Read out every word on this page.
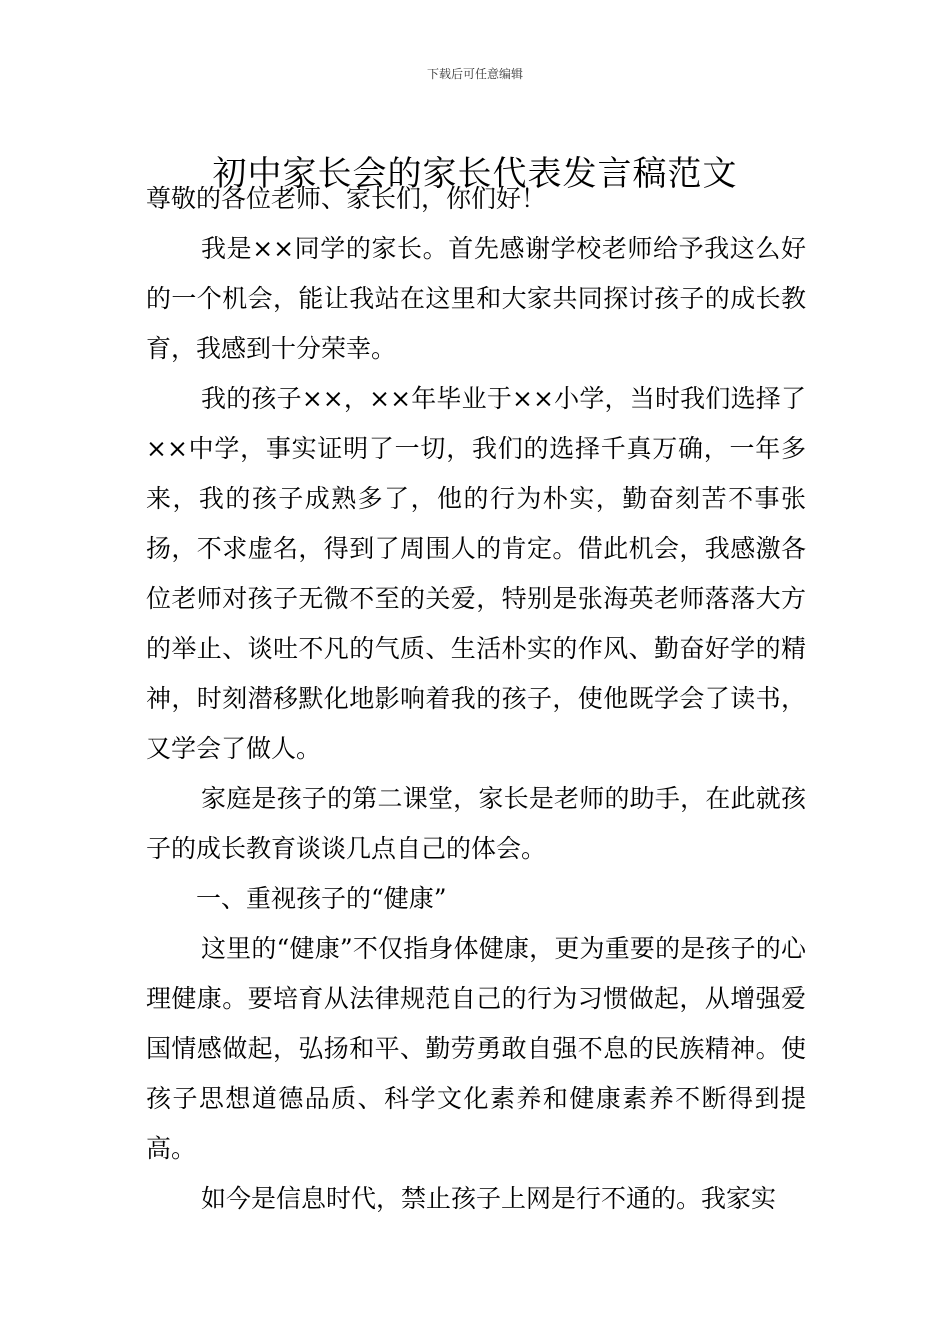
下载后可任意编辑
初中家长会的家长代表发言稿范文

尊敬的各位老师、家长们，你们好！

我是××同学的家长。首先感谢学校老师给予我这么好的一个机会，能让我站在这里和大家共同探讨孩子的成长教育，我感到十分荣幸。

我的孩子××，××年毕业于××小学，当时我们选择了××中学，事实证明了一切，我们的选择千真万确，一年多来，我的孩子成熟多了，他的行为朴实，勤奋刻苦不事张扬，不求虚名，得到了周围人的肯定。借此机会，我感激各位老师对孩子无微不至的关爱，特别是张海英老师落落大方的举止、谈吐不凡的气质、生活朴实的作风、勤奋好学的精神，时刻潜移默化地影响着我的孩子，使他既学会了读书，又学会了做人。

家庭是孩子的第二课堂，家长是老师的助手，在此就孩子的成长教育谈谈几点自己的体会。

一、重视孩子的“健康”

这里的“健康”不仅指身体健康，更为重要的是孩子的心理健康。要培育从法律规范自己的行为习惯做起，从增强爱国情感做起，弘扬和平、勤劳勇敢自强不息的民族精神。使孩子思想道德品质、科学文化素养和健康素养不断得到提高。

如今是信息时代，禁止孩子上网是行不通的。我家实
